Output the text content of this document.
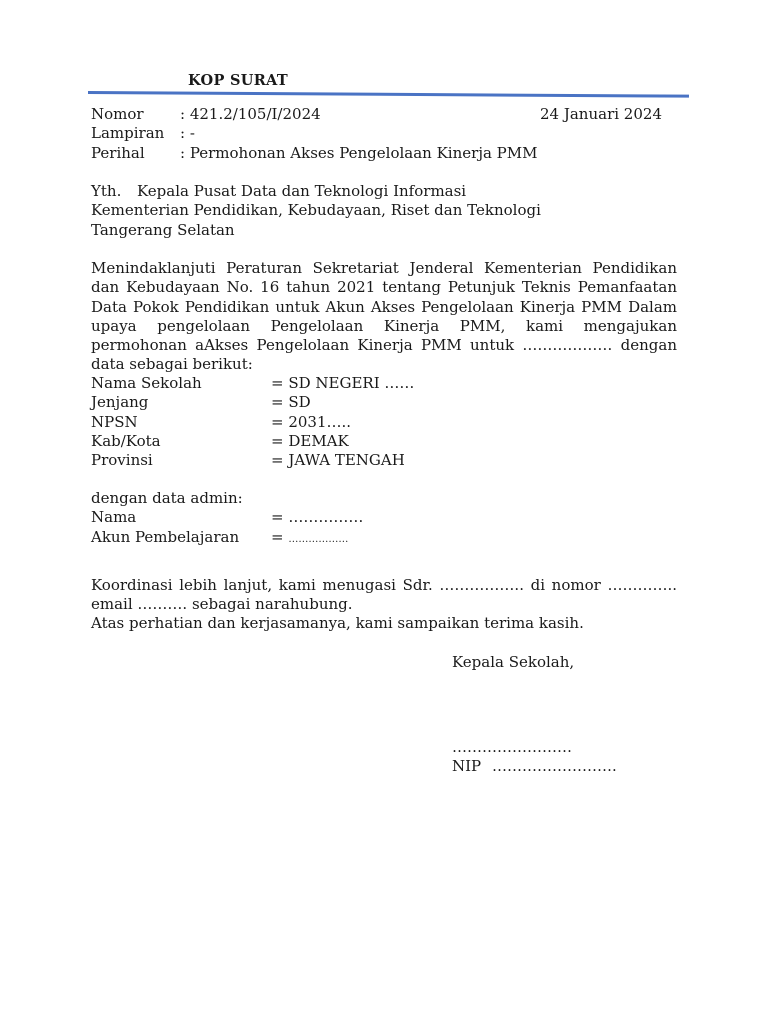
KOP SURAT
Nomor : 421.2/105/I/2024	24 Januari 2024
Lampiran : -
Perihal : Permohonan Akses Pengelolaan Kinerja PMM
Yth. Kepala Pusat Data dan Teknologi Informasi
Kementerian Pendidikan, Kebudayaan, Riset dan Teknologi
Tangerang Selatan
Menindaklanjuti Peraturan Sekretariat Jenderal Kementerian Pendidikan dan Kebudayaan No. 16 tahun 2021 tentang Petunjuk Teknis Pemanfaatan Data Pokok Pendidikan untuk Akun Akses Pengelolaan Kinerja PMM Dalam upaya pengelolaan Pengelolaan Kinerja PMM, kami mengajukan permohonan aAkses Pengelolaan Kinerja PMM untuk ……………… dengan data sebagai berikut:
Nama Sekolah	= SD NEGERI ……
Jenjang	= SD
NPSN	= 2031…..
Kab/Kota	= DEMAK
Provinsi	= JAWA TENGAH
dengan data admin:
Nama	= ……………
Akun Pembelajaran = ………………
Koordinasi lebih lanjut, kami menugasi Sdr. …………….. di nomor ………….. email ………. sebagai narahubung.
Atas perhatian dan kerjasamanya, kami sampaikan terima kasih.
Kepala Sekolah,
……………………
NIP …………………….
